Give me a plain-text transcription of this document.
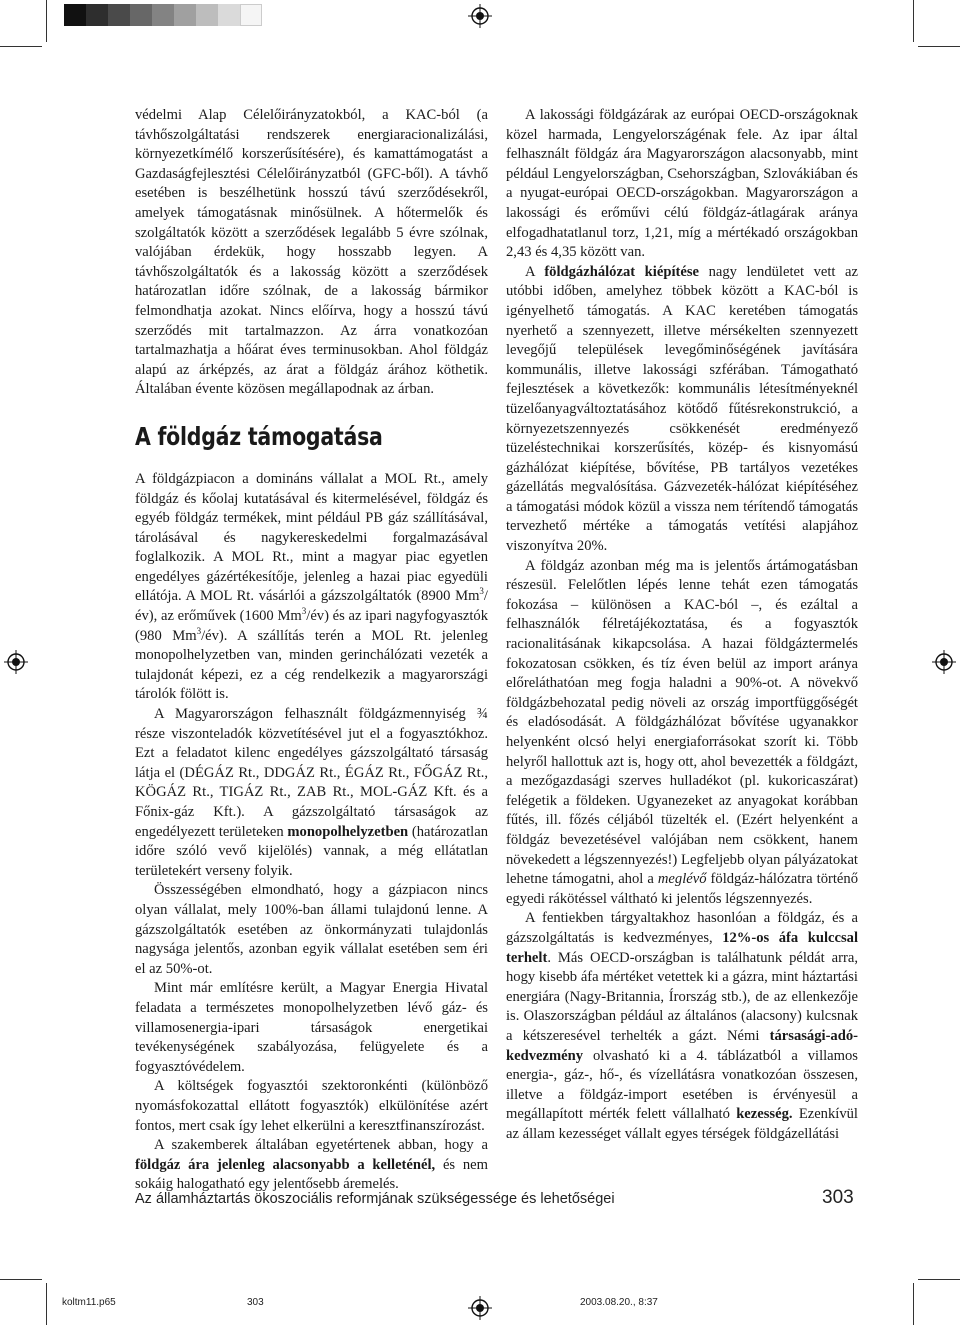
védelmi Alap Célelőirányzatokból, a KAC-ból (a távhőszolgáltatási rendszerek energiaracionalizálási, környezetkímélő korszerűsítésére), és kamattámogatást a Gazdaságfejlesztési Célelőirányzatból (GFC-ből). A távhő esetében is beszélhetünk hosszú távú szerződésekről, amelyek támogatásnak minősülnek. A hőtermelők és szolgáltatók között a szerződések legalább 5 évre szólnak, valójában érdekük, hogy hosszabb legyen. A távhőszolgáltatók és a lakosság között a szerződések határozatlan időre szólnak, de a lakosság bármikor felmondhatja azokat. Nincs előírva, hogy a hosszú távú szerződés mit tartalmazzon. Az árra vonatkozóan tartalmazhatja a hőárat éves terminusokban. Ahol földgáz alapú az árképzés, az árat a földgáz árához köthetik. Általában évente közösen megállapodnak az árban.

A földgáz támogatása

A földgázpiacon a domináns vállalat a MOL Rt., amely földgáz és kőolaj kutatásával és kitermelésével, földgáz és egyéb földgáz termékek, mint például PB gáz szállításával, tárolásával és nagykereskedelmi forgalmazásával foglalkozik. A MOL Rt., mint a magyar piac egyetlen engedélyes gázértékesítője, jelenleg a hazai piac egyedüli ellátója. A MOL Rt. vásárlói a gázszolgáltatók (8900 Mm$^3$/év), az erőművek (1600 Mm$^3$/év) és az ipari nagyfogyasztók (980 Mm$^3$/év). A szállítás terén a MOL Rt. jelenleg monopolhelyzetben van, minden gerinchálózati vezeték a tulajdonát képezi, ez a cég rendelkezik a magyarországi tárolók fölött is.

A Magyarországon felhasznált földgázmennyiség ¾ része viszonteladók közvetítésével jut el a fogyasztókhoz. Ezt a feladatot kilenc engedélyes gázszolgáltató társaság látja el (DÉGÁZ Rt., DDGÁZ Rt., ÉGÁZ Rt., FŐGÁZ Rt., KÖGÁZ Rt., TIGÁZ Rt., ZAB Rt., MOL-GÁZ Kft. és a Főnix-gáz Kft.). A gázszolgáltató társaságok az engedélyezett területeken monopolhelyzetben (határozatlan időre szóló vevő kijelölés) vannak, a még ellátatlan területekért verseny folyik.

Összességében elmondható, hogy a gázpiacon nincs olyan vállalat, mely 100%-ban állami tulajdonú lenne. A gázszolgáltatók esetében az önkormányzati tulajdonlás nagysága jelentős, azonban egyik vállalat esetében sem éri el az 50%-ot.

Mint már említésre került, a Magyar Energia Hivatal feladata a természetes monopolhelyzetben lévő gáz- és villamosenergia-ipari társaságok energetikai tevékenységének szabályozása, felügyelete és a fogyasztóvédelem.

A költségek fogyasztói szektoronkénti (különböző nyomásfokozattal ellátott fogyasztók) elkülönítése azért fontos, mert csak így lehet elkerülni a keresztfinanszírozást.

A szakemberek általában egyetértenek abban, hogy a földgáz ára jelenleg alacsonyabb a kelleténél, és nem sokáig halogatható egy jelentősebb áremelés.

A lakossági földgázárak az európai OECD-országoknak közel harmada, Lengyelországénak fele. Az ipar által felhasznált földgáz ára Magyarországon alacsonyabb, mint például Lengyelországban, Csehországban, Szlovákiában és a nyugat-európai OECD-országokban. Magyarországon a lakossági és erőművi célú földgáz-átlagárak aránya elfogadhatatlanul torz, 1,21, míg a mértékadó országokban 2,43 és 4,35 között van.

A földgázhálózat kiépítése nagy lendületet vett az utóbbi időben, amelyhez többek között a KAC-ból is igényelhető támogatás. A KAC keretében támogatás nyerhető a szennyezett, illetve mérsékelten szennyezett levegőjű települések levegőminőségének javítására kommunális, illetve lakossági szférában. Támogatható fejlesztések a következők: kommunális létesítményeknél tüzelőanyagváltoztatásához kötődő fűtésrekonstrukció, a környezetszennyezés csökkenését eredményező tüzeléstechnikai korszerűsítés, közép- és kisnyomású gázhálózat kiépítése, bővítése, PB tartályos vezetékes gázellátás megvalósítása. Gázvezeték-hálózat kiépítéséhez a támogatási módok közül a vissza nem térítendő támogatás tervezhető mértéke a támogatás vetítési alapjához viszonyítva 20%.

A földgáz azonban még ma is jelentős ártámogatásban részesül. Felelőtlen lépés lenne tehát ezen támogatás fokozása – különösen a KAC-ból –, és ezáltal a felhasználók félretájékoztatása, és a fogyasztók racionalitásának kikapcsolása. A hazai földgáztermelés fokozatosan csökken, és tíz éven belül az import aránya előreláthatóan meg fogja haladni a 90%-ot. A növekvő földgázbehozatal pedig növeli az ország importfüggőségét és eladósodását. A földgázhálózat bővítése ugyanakkor helyenként olcsó helyi energiaforrásokat szorít ki. Több helyről hallottuk azt is, hogy ott, ahol bevezették a földgázt, a mezőgazdasági szerves hulladékot (pl. kukoricaszárat) felégetik a földeken. Ugyanezeket az anyagokat korábban fűtés, ill. főzés céljából tüzelték el. (Ezért helyenként a földgáz bevezetésével valójában nem csökkent, hanem növekedett a légszennyezés!) Legfeljebb olyan pályázatokat lehetne támogatni, ahol a meglévő földgáz-hálózatra történő egyedi rákötéssel váltható ki jelentős légszennyezés.

A fentiekben tárgyaltakhoz hasonlóan a földgáz, és a gázszolgáltatás is kedvezményes, 12%-os áfa kulccsal terhelt. Más OECD-országban is találhatunk példát arra, hogy kisebb áfa mértéket vetettek ki a gázra, mint háztartási energiára (Nagy-Britannia, Írország stb.), de az ellenkezője is. Olaszországban például az általános (alacsony) kulcsnak a kétszeresével terhelték a gázt. Némi társasági-adó-kedvezmény olvasható ki a 4. táblázatból a villamos energia-, gáz-, hő-, és vízellátásra vonatkozóan összesen, illetve a földgáz-import esetében is érvényesül a megállapított mérték felett vállalható kezesség. Ezenkívül az állam kezességet vállalt egyes térségek földgázellátási

Az államháztartás ökoszociális reformjának szükségessége és lehetőségei	303
koltm11.p65	303	2003.08.20., 8:37
